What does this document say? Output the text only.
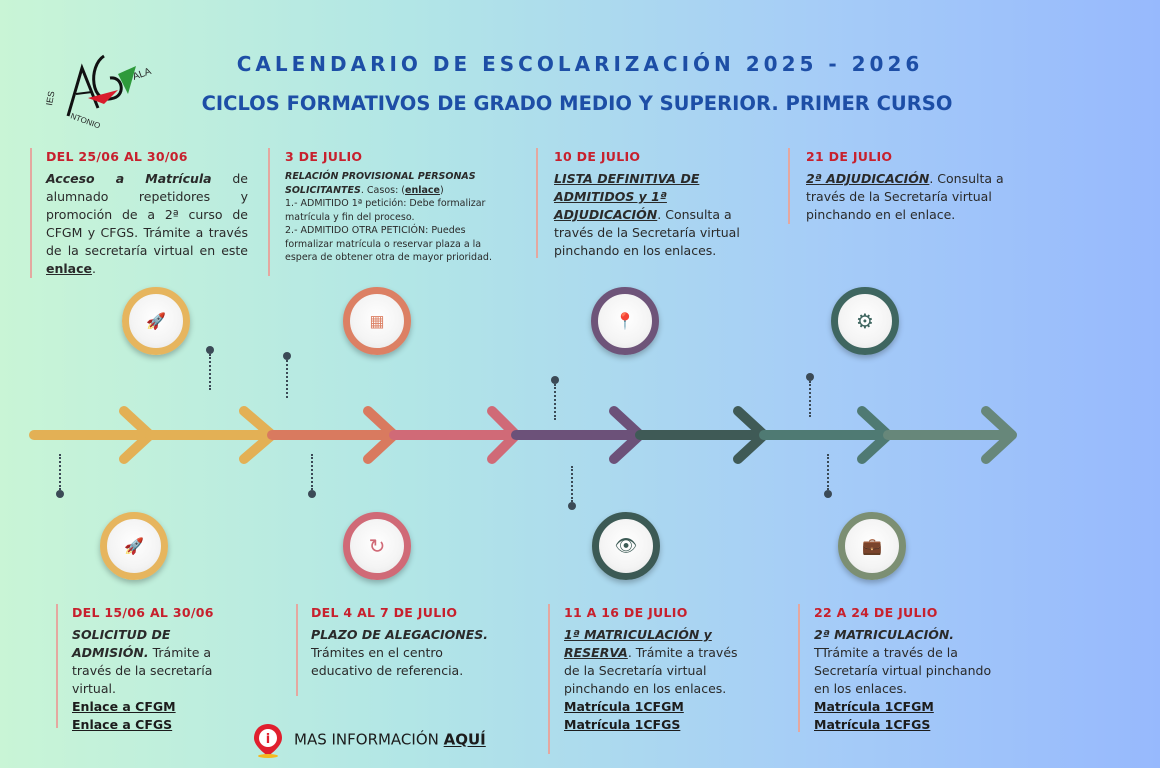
CALENDARIO DE ESCOLARIZACIÓN 2025 - 2026
CICLOS FORMATIVOS DE GRADO MEDIO Y SUPERIOR. PRIMER CURSO
IES
ALA
NTONIO
DEL 25/06 AL 30/06
Acceso a Matrícula de alumnado repetidores y promoción de a 2ª curso de CFGM y CFGS. Trámite a través de la secretaría virtual en este enlace.
3 DE JULIO
RELACIÓN PROVISIONAL PERSONAS SOLICITANTES. Casos: (enlace)
1.- ADMITIDO 1ª petición: Debe formalizar matrícula y fin del proceso.
2.- ADMITIDO OTRA PETICIÓN: Puedes formalizar matrícula o reservar plaza a la espera de obtener otra de mayor prioridad.
10 DE JULIO
LISTA DEFINITIVA DE ADMITIDOS y 1ª ADJUDICACIÓN. Consulta a través de la Secretaría virtual pinchando en los enlaces.
21 DE JULIO
2ª ADJUDICACIÓN. Consulta a través de la Secretaría virtual pinchando en el enlace.
🚀	▦	📍	⚙
🚀	↻	👁	💼
DEL 15/06 AL 30/06
SOLICITUD DE ADMISIÓN. Trámite a través de la secretaría virtual.
Enlace a CFGM
Enlace a CFGS
DEL 4 AL 7 DE JULIO
PLAZO DE ALEGACIONES. Trámites en el centro educativo de referencia.
11 A 16 DE JULIO
1ª MATRICULACIÓN y RESERVA. Trámite a través de la Secretaría virtual pinchando en los enlaces.
Matrícula 1CFGM
Matrícula 1CFGS
22 A 24 DE JULIO
2ª MATRICULACIÓN. TTrámite a través de la Secretaría virtual pinchando en los enlaces.
Matrícula 1CFGM
Matrícula 1CFGS
i MAS INFORMACIÓN AQUÍ
